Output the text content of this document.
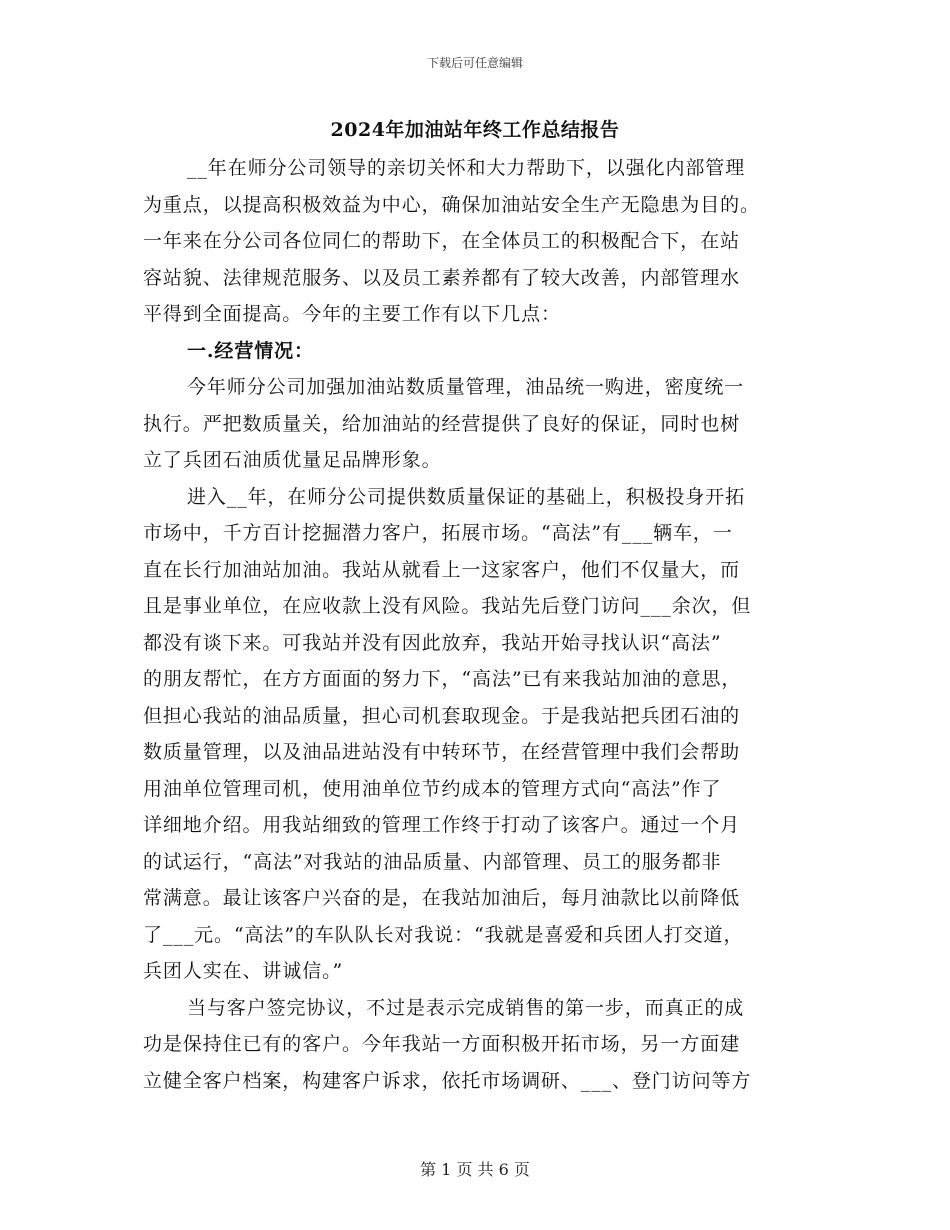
下载后可任意编辑
2024年加油站年终工作总结报告
__年在师分公司领导的亲切关怀和大力帮助下，以强化内部管理
为重点，以提高积极效益为中心，确保加油站安全生产无隐患为目的。
一年来在分公司各位同仁的帮助下，在全体员工的积极配合下，在站
容站貌、法律规范服务、以及员工素养都有了较大改善，内部管理水
平得到全面提高。今年的主要工作有以下几点：
一.经营情况：
今年师分公司加强加油站数质量管理，油品统一购进，密度统一
执行。严把数质量关，给加油站的经营提供了良好的保证，同时也树
立了兵团石油质优量足品牌形象。
进入__年，在师分公司提供数质量保证的基础上，积极投身开拓
市场中，千方百计挖掘潜力客户，拓展市场。“高法”有___辆车，一
直在长行加油站加油。我站从就看上一这家客户，他们不仅量大，而
且是事业单位，在应收款上没有风险。我站先后登门访问___余次，但
都没有谈下来。可我站并没有因此放弃，我站开始寻找认识“高法”
的朋友帮忙，在方方面面的努力下，“高法”已有来我站加油的意思，
但担心我站的油品质量，担心司机套取现金。于是我站把兵团石油的
数质量管理，以及油品进站没有中转环节，在经营管理中我们会帮助
用油单位管理司机，使用油单位节约成本的管理方式向“高法”作了
详细地介绍。用我站细致的管理工作终于打动了该客户。通过一个月
的试运行，“高法”对我站的油品质量、内部管理、员工的服务都非
常满意。最让该客户兴奋的是，在我站加油后，每月油款比以前降低
了___元。“高法”的车队队长对我说：“我就是喜爱和兵团人打交道，
兵团人实在、讲诚信。”
当与客户签完协议，不过是表示完成销售的第一步，而真正的成
功是保持住已有的客户。今年我站一方面积极开拓市场，另一方面建
立健全客户档案，构建客户诉求，依托市场调研、___、登门访问等方
第 1 页 共 6 页
